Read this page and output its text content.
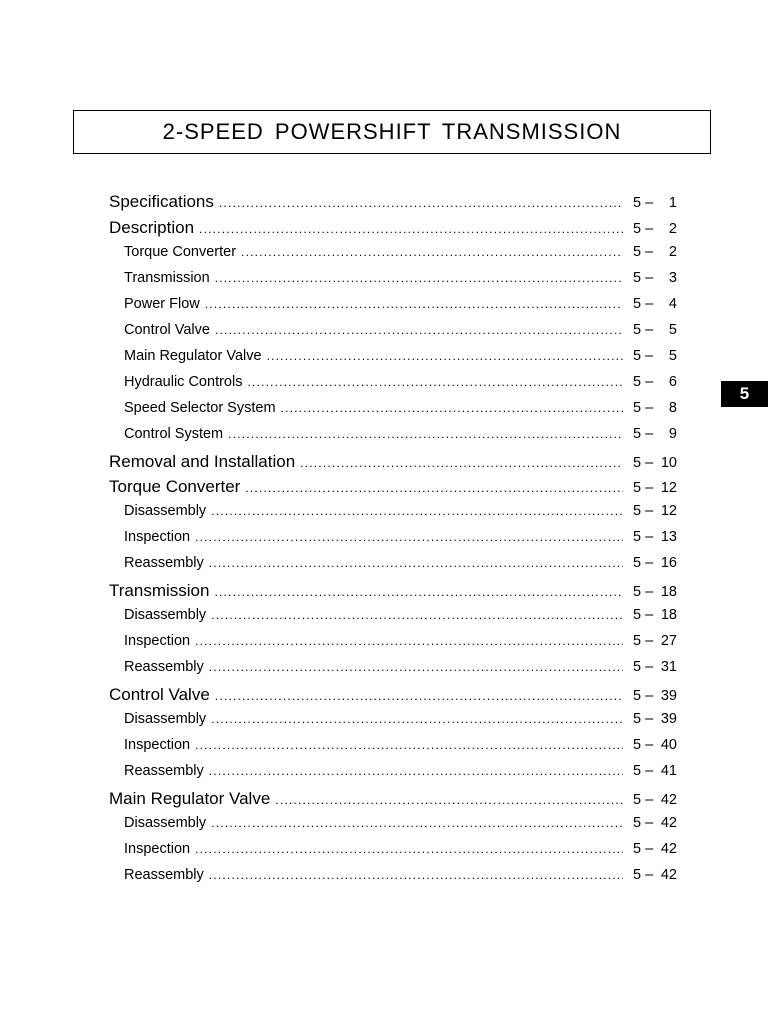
2-SPEED POWERSHIFT TRANSMISSION
Specifications .....	5 – 1
Description .....	5 – 2
Torque Converter .....	5 – 2
Transmission .....	5 – 3
Power Flow .....	5 – 4
Control Valve .....	5 – 5
Main Regulator Valve .....	5 – 5
Hydraulic Controls .....	5 – 6
Speed Selector System .....	5 – 8
Control System .....	5 – 9
Removal and Installation .....	5 – 10
Torque Converter .....	5 – 12
Disassembly .....	5 – 12
Inspection .....	5 – 13
Reassembly .....	5 – 16
Transmission .....	5 – 18
Disassembly .....	5 – 18
Inspection .....	5 – 27
Reassembly .....	5 – 31
Control Valve .....	5 – 39
Disassembly .....	5 – 39
Inspection .....	5 – 40
Reassembly .....	5 – 41
Main Regulator Valve .....	5 – 42
Disassembly .....	5 – 42
Inspection .....	5 – 42
Reassembly .....	5 – 42
5
